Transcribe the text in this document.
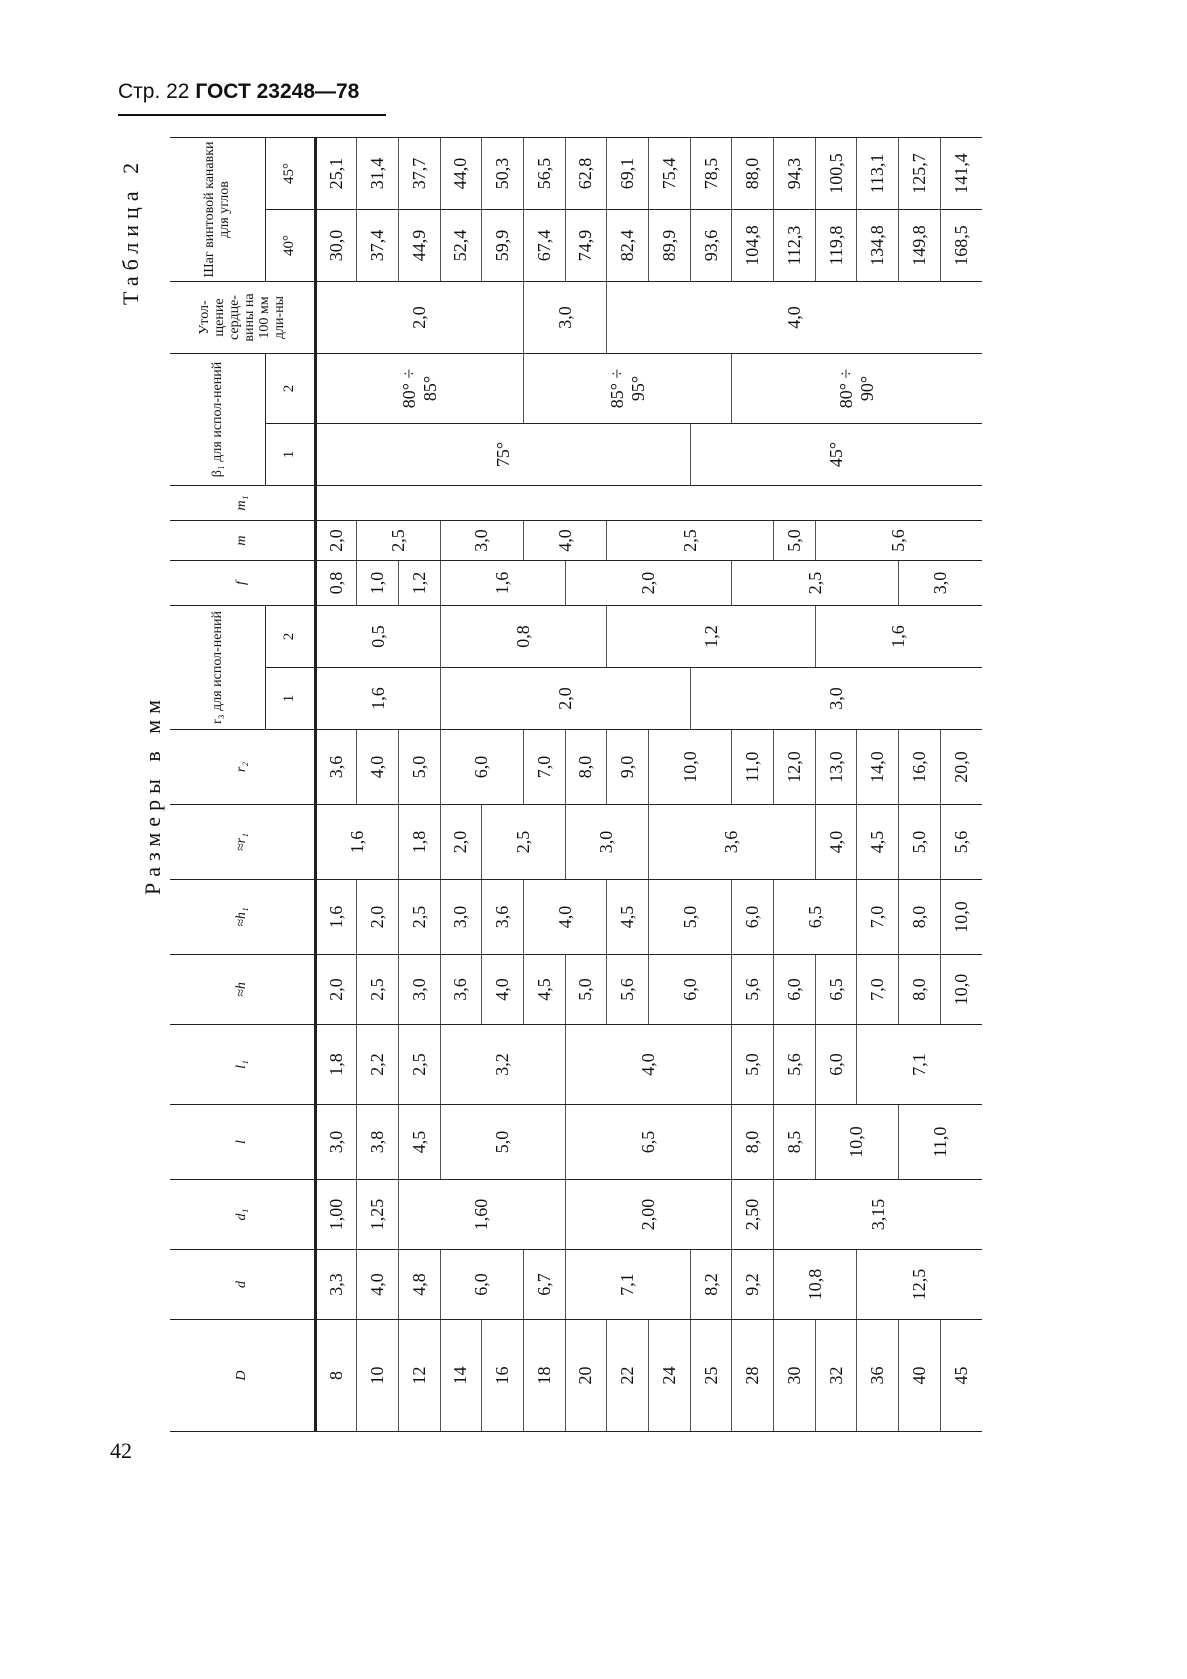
Стр. 22 ГОСТ 23248—78
Таблица 2
Размеры в мм
D	d	d₁	l	l₁	≈h	≈h₁	≈r₁	r₂	r₃ для испол-нений		f	m	m₁	β₁ для испол-нений		Утол-щение сердце-вины на 100 мм дли-ны	Шаг винтовой канавки для углов	
									1	2				1	2		40°	45°
8	3,3	1,00	3,0	1,8	2,0	1,6	1,6	3,6	1,6	0,5	0,8	2,0		75°	80° ÷ 85°	2,0	30,0	25,1
10	4,0	1,25	3,8	2,2	2,5	2,0		4,0			1,0	2,5					37,4	31,4
12	4,8	1,60	4,5	2,5	3,0	2,5	1,8	5,0			1,2						44,9	37,7
14	6,0		5,0	3,2	3,6	3,0	2,0	6,0	2,0	0,8	1,6	3,0					52,4	44,0
16					4,0	3,6	2,5										59,9	50,3
18	6,7				4,5	4,0		7,0				4,0			85° ÷ 95°	3,0	67,4	56,5
20	7,1	2,00	6,5	4,0	5,0		3,0	8,0			2,0						74,9	62,8
22					5,6	4,5		9,0		1,2		2,5				4,0	82,4	69,1
24					6,0	5,0	3,6	10,0									89,9	75,4
25	8,2								3,0					45°			93,6	78,5
28	9,2	2,50	8,0	5,0	5,6	6,0		11,0			2,5				80° ÷ 90°		104,8	88,0
30	10,8	3,15	8,5	5,6	6,0	6,5		12,0				5,0					112,3	94,3
32			10,0	6,0	6,5		4,0	13,0		1,6		5,6					119,8	100,5
36	12,5			7,1	7,0	7,0	4,5	14,0									134,8	113,1
40			11,0		8,0	8,0	5,0	16,0			3,0						149,8	125,7
45					10,0	10,0	5,6	20,0									168,5	141,4
42
